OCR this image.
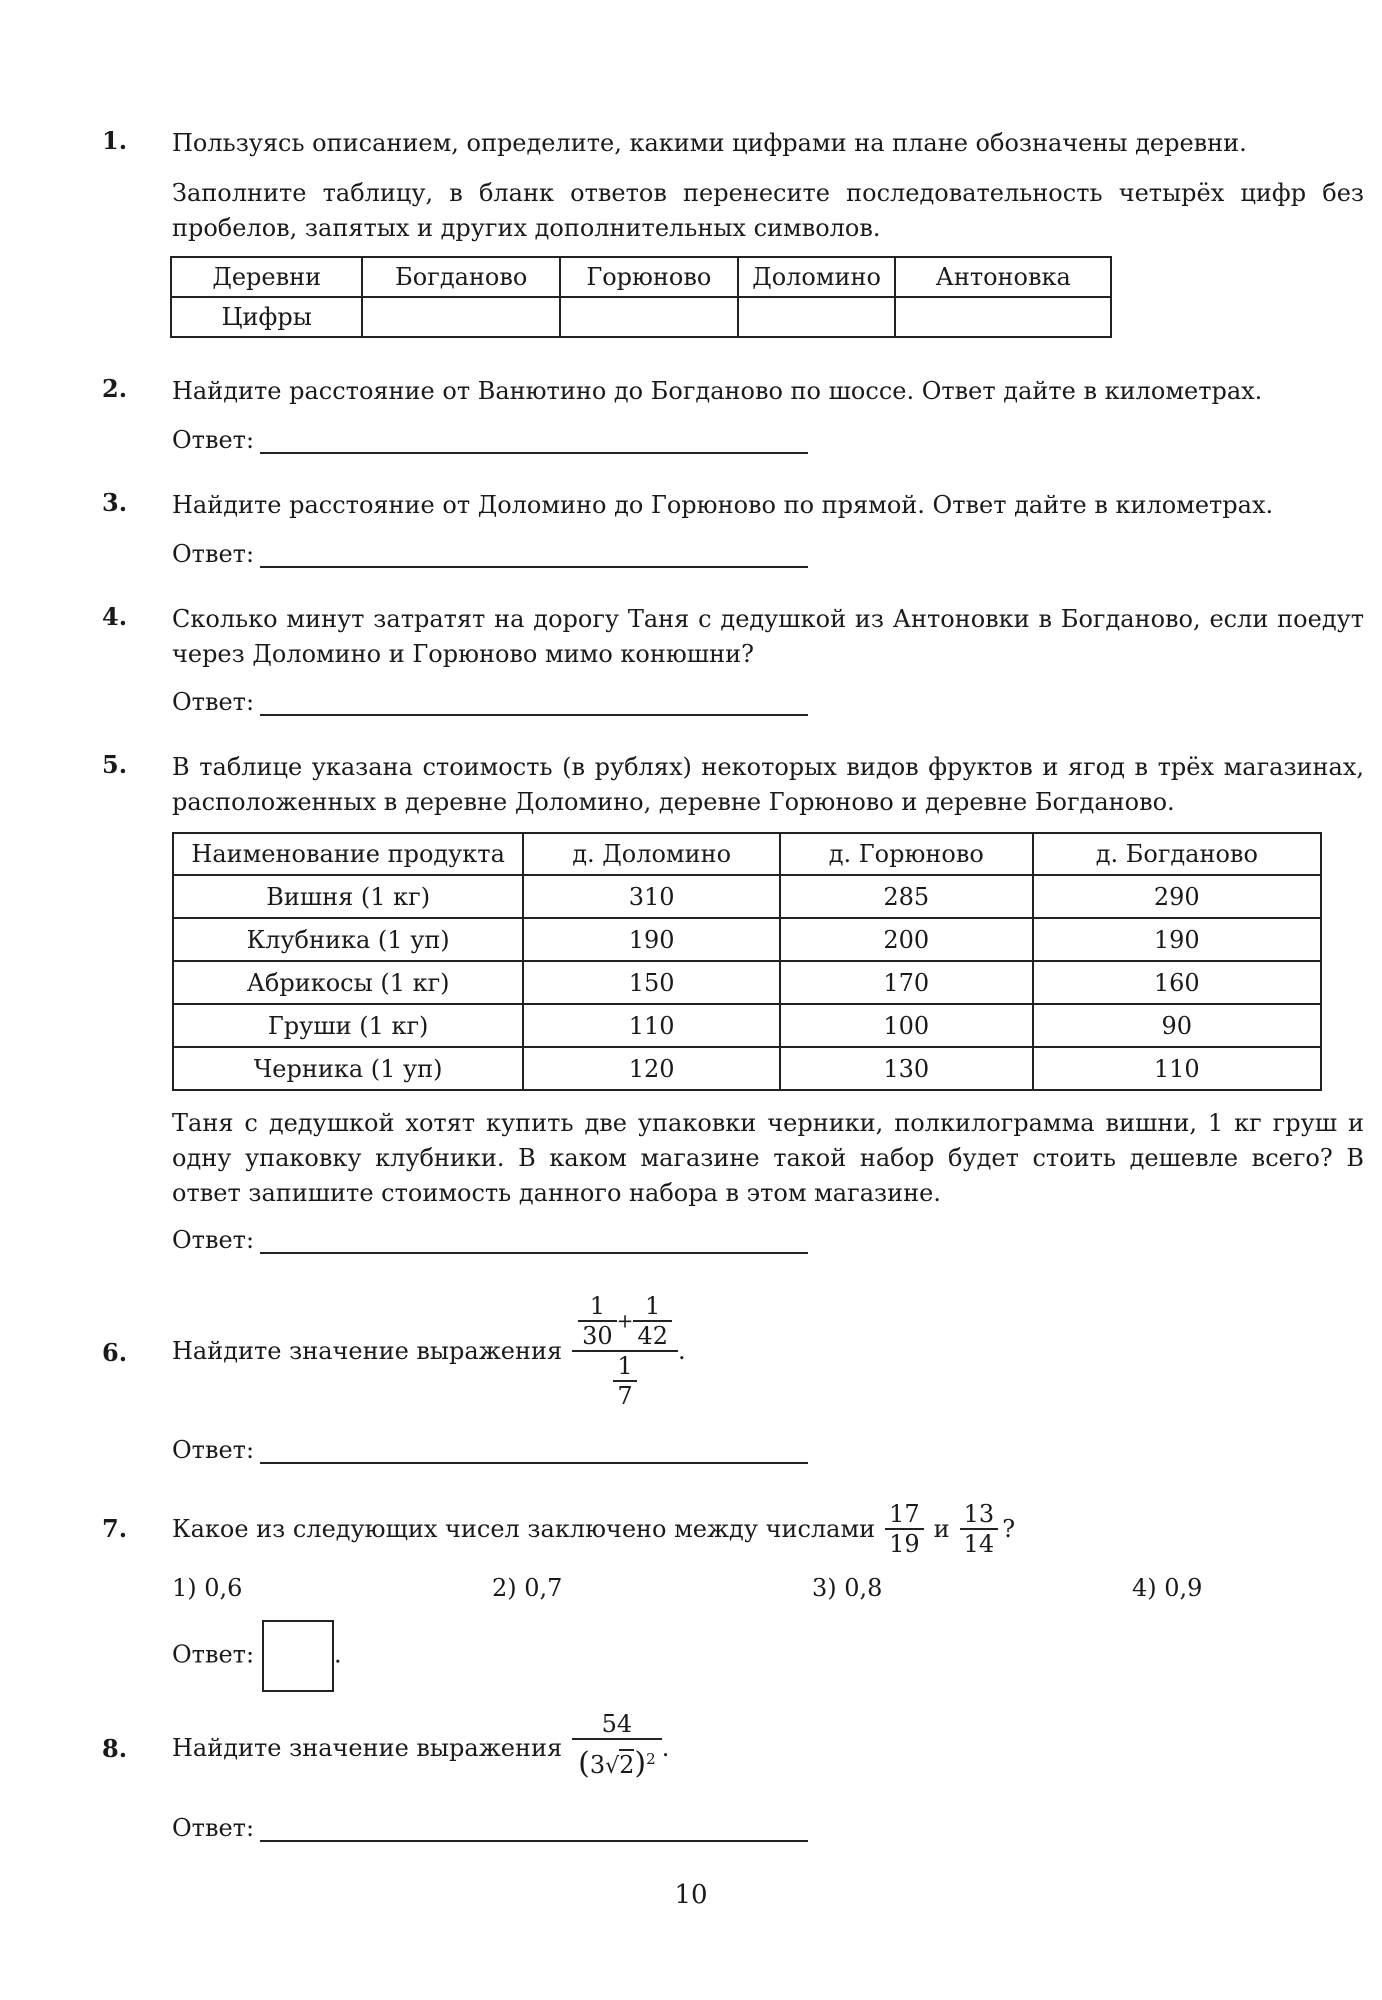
1. Пользуясь описанием, определите, какими цифрами на плане обозначены деревни.
Заполните таблицу, в бланк ответов перенесите последовательность четырёх цифр без пробелов, запятых и других дополнительных символов.
Деревни	Богданово	Горюново	Доломино	Антоновка
Цифры				
2. Найдите расстояние от Ванютино до Богданово по шоссе. Ответ дайте в километрах.
Ответ:
3. Найдите расстояние от Доломино до Горюново по прямой. Ответ дайте в километрах.
Ответ:
4. Сколько минут затратят на дорогу Таня с дедушкой из Антоновки в Богданово, если поедут через Доломино и Горюново мимо конюшни?
Ответ:
5. В таблице указана стоимость (в рублях) некоторых видов фруктов и ягод в трёх магазинах, расположенных в деревне Доломино, деревне Горюново и деревне Богданово.
Наименование продукта	д. Доломино	д. Горюново	д. Богданово
Вишня (1 кг)	310	285	290
Клубника (1 уп)	190	200	190
Абрикосы (1 кг)	150	170	160
Груши (1 кг)	110	100	90
Черника (1 уп)	120	130	110
Таня с дедушкой хотят купить две упаковки черники, полкилограмма вишни, 1 кг груш и одну упаковку клубники. В каком магазине такой набор будет стоить дешевле всего? В ответ запишите стоимость данного набора в этом магазине.
Ответ:
6. Найдите значение выражения $\frac{\frac{1}{30} + \frac{1}{42}}{\frac{1}{7}}$ .
Ответ:
7. Какое из следующих чисел заключено между числами $\frac{17}{19}$ и $\frac{13}{14}$ ?
1) 0,6	2) 0,7	3) 0,8	4) 0,9
Ответ:	.
8. Найдите значение выражения $\frac{54}{(3√2)^2}$ .
Ответ:
10
